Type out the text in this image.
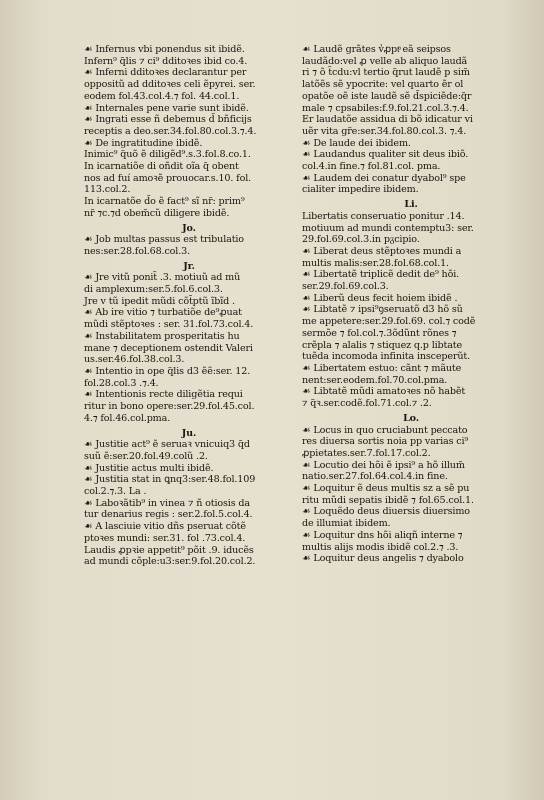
☙ Infernus vbi ponendus sit ibidẽ.
Infern⁹ q̃lis ⁊ ci⁹ dditoꝛes ibid co.4.
☙ Inferni dditoꝛes declarantur per
oppositũ ad dditoꝛes celi ẽpyrei. ser.
eodem fol.43.col.4.⁊ fol. 44.col.1.
☙ Internales pene varie sunt ibidẽ.
☙ Ingrati esse ñ debemus d̃ bñficijs
receptis a deo.ser.34.fol.80.col.3.⁊.4.
☙ De ingratitudine ibidẽ.
Inimic⁹ q̃uõ ẽ diligẽd⁹.s.3.fol.8.co.1.
In icarnatiõe di oñdit oĩa q̃ obent
nos ad fuí amoꝛẽ prouocar.s.10. fol.
113.col.2.
In icarnatõe d̃o ẽ fact⁹ sĩ nr̃: prim⁹
nr̃ ⁊c.⁊d obem̃cũ diligere ibidẽ.
Jo.
☙ Job multas passus est tribulatio
nes:ser.28.fol.68.col.3.
Jr.
☙ Jre vitũ ponit̃ .3. motiuũ ad mũ
di amplexum:ser.5.fol.6.col.3.
Jre v tũ ipedit mũdi cõt̃ptũ ĩbĩd .
☙ Ab ire vitio ⁊ turbatiõe de⁹ꝓuat
mũdi stẽptoꝛes : ser. 31.fol.73.col.4.
☙ Instabilitatem prosperitatis hu
mane ⁊ deceptionem ostendit Valeri
us.ser.46.fol.38.col.3.
☙ Intentio in ope q̃lis d3 ẽẽ:ser. 12.
fol.28.col.3 .⁊.4.
☙ Intentionis recte diligẽtia requi
ritur in bono opere:ser.29.fol.45.col.
4.⁊ fol.46.col.pma.
Ju.
☙ Justitie act⁹ ẽ seruaꝛ vnicuiq3 q̃d
suũ ẽ:ser.20.fol.49.colũ .2.
☙ Justitie actus multi ibidẽ.
☙ Justitia stat in ꝗnq3:ser.48.fol.109
col.2.⁊.3. La .
☙ Laboꝛãtib⁹ in vinea ⁊ ñ otiosis da
tur denarius regis : ser.2.fol.5.col.4.
☙ A lasciuie vitio dñs pseruat cõtẽ
ptoꝛes mundi: ser.31. fol .73.col.4.
Laudis ꝓpꝛie appetit⁹ põit .9. iducẽs
ad mundi cõple:u3:ser.9.fol.20.col.2.
☙ Laudẽ grãtes v̾ꝓptͣ eã seipsos
laudãdo:vel ꝓ velle ab aliquo laudã
ri ⁊ õ t̃cdu:vl tertio q̃rut laudẽ p sim̃
latõẽs sẽ ypocrite: vel quarto ẽr ol
opatõe oẽ iste laudẽ sẽ d̃spiciẽde:q̃r
male ⁊ cpsabiles:f.9.fol.21.col.3.⁊.4.
Er laudatõe assidua di bõ idicatur vi
uẽr vita gr̃e:ser.34.fol.80.col.3. ⁊.4.
☙ De laude dei ibidem.
☙ Laudandus qualiter sit deus ibiõ.
col.4.in fine.⁊ fol.81.col. pma.
☙ Laudem dei conatur dyabol⁹ spe
cialiter impedire ibidem.
Li.
Libertatis conseruatio ponitur .14.
motiuum ad mundi contemptu3: ser.
29.fol.69.col.3.in pᵹcipio.
☙ Liberat deus stẽptoꝛes mundi a
multis malis:ser.28.fol.68.col.1.
☙ Libertatẽ triplicẽ dedit de⁹ hõi.
ser.29.fol.69.col.3.
☙ Liberũ deus fecit hoiem ibidẽ .
☙ Libtatẽ ⁊ ipsi⁹ꝯseruatõ d3 hõ sũ
me appetere:ser.29.fol.69. col.⁊ codẽ
sermõe ⁊ fol.col.⁊.3õdũnt rõnes ⁊
crẽpla ⁊ alalis ⁊ stiquez q.p libtate
tuẽda incomoda infinita insceperũt.
☙ Libertatem estuo: cãnt ⁊ mãute
nent:ser.eodem.fol.70.col.pma.
☙ Libtatẽ mũdi amatoꝛes nõ habẽt
⁊ q̃ꝛ.ser.codẽ.fol.71.col.⁊ .2.
Lo.
☙ Locus in quo cruciabunt peccato
res diuersa sortis noia pp varias ci⁹
ꝓpietates.ser.7.fol.17.col.2.
☙ Locutio dei hõi ẽ ipsi⁹ a hõ illum̃
natio.ser.27.fol.64.col.4.in fine.
☙ Loquitur ẽ deus multis sz a sẽ pu
ritu mũdi sepatis ibidẽ ⁊ fol.65.col.1.
☙ Loquẽdo deus diuersis diuersimo
de illumiat ibidem.
☙ Loquitur dns hõi aliqñ interne ⁊
multis alijs modis ibidẽ col.2.⁊ .3.
☙ Loquitur deus angelis ⁊ dyabolo
